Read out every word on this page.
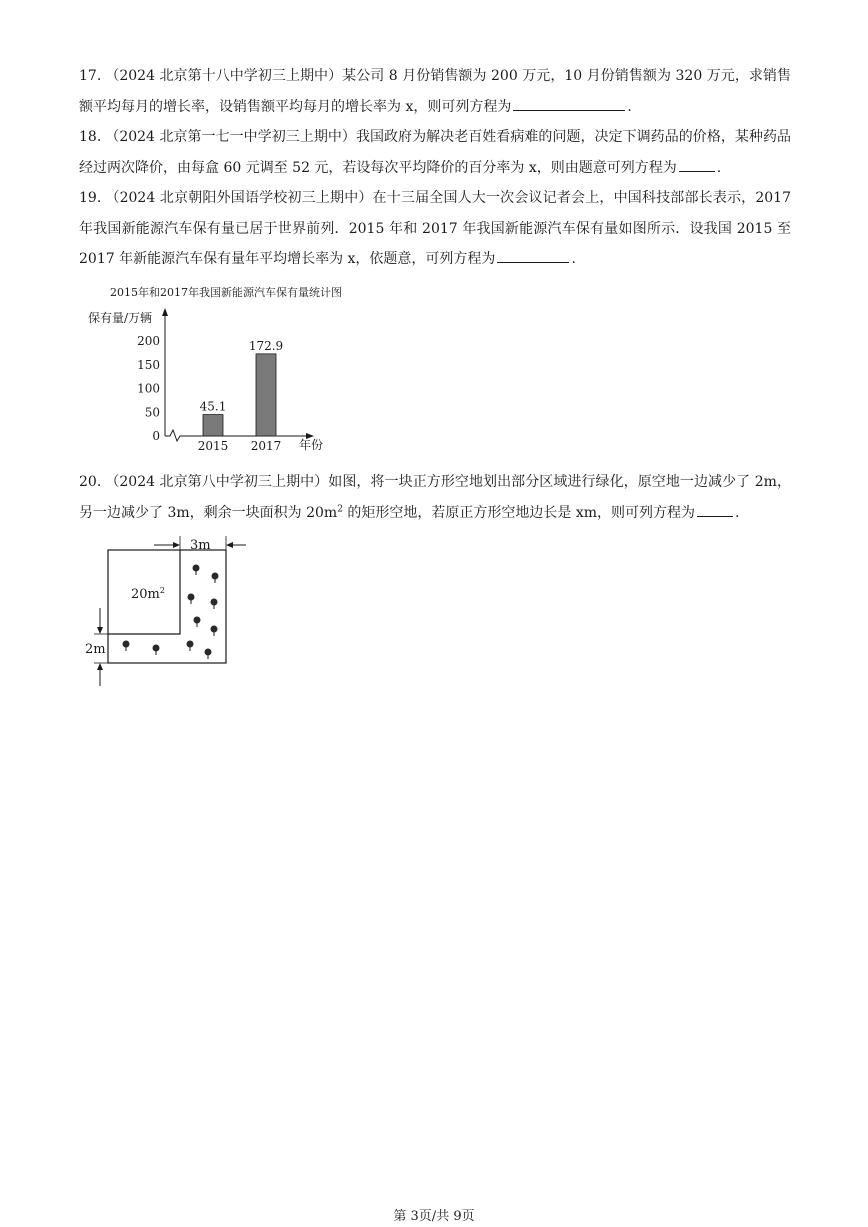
17. （2024 北京第十八中学初三上期中）某公司 8 月份销售额为 200 万元，10 月份销售额为 320 万元，求销售额平均每月的增长率，设销售额平均每月的增长率为 x，则可列方程为	.
18. （2024 北京第一七一中学初三上期中）我国政府为解决老百姓看病难的问题，决定下调药品的价格，某种药品经过两次降价，由每盒 60 元调至 52 元，若设每次平均降价的百分率为 x，则由题意可列方程为	.
19. （2024 北京朝阳外国语学校初三上期中）在十三届全国人大一次会议记者会上，中国科技部部长表示，2017 年我国新能源汽车保有量已居于世界前列．2015 年和 2017 年我国新能源汽车保有量如图所示．设我国 2015 至 2017 年新能源汽车保有量年平均增长率为 x，依题意，可列方程为	.
2015年和2017年我国新能源汽车保有量统计图
保有量/万辆
年份
0
50
100
150
200
45.1
2015
172.9
2017
20. （2024 北京第八中学初三上期中）如图，将一块正方形空地划出部分区域进行绿化，原空地一边减少了 2m，另一边减少了 3m，剩余一块面积为 $20m^2$ 的矩形空地，若原正方形空地边长是 xm，则可列方程为	.
$20m^2$
3m
2m
第 3页/共 9页
